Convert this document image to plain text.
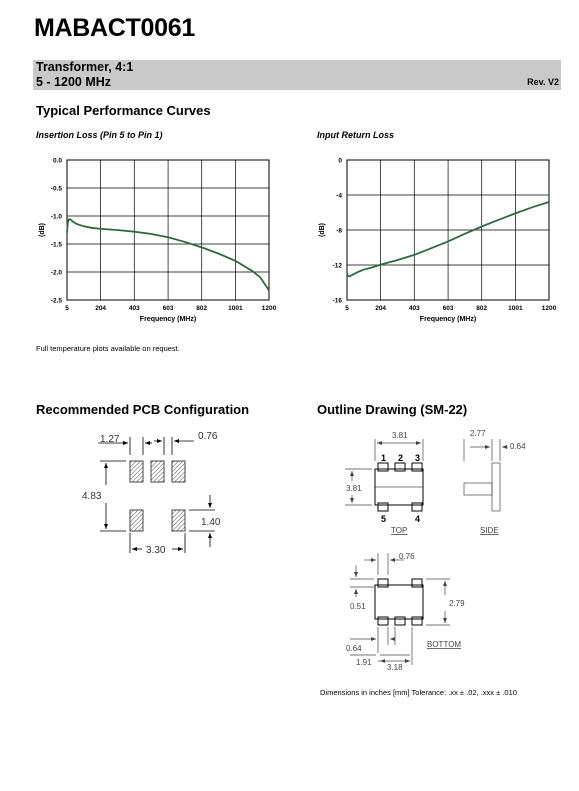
MABACT0061
Transformer, 4:1
5 - 1200 MHz	Rev. V2
Typical Performance Curves
Insertion Loss (Pin 5 to Pin 1)	Input Return Loss
5	204	403	603	802	1001	1200
0.0
-0.5
-1.0
-1.5
-2.0
-2.5
Frequency (MHz)
(dB)
5	204	403	603	802	1001	1200
0
-4
-8
-12
-16
Frequency (MHz)
(dB)
Full temperature plots available on request.
Recommended PCB Configuration	Outline Drawing (SM-22)
1.27	0.76
4.83
1.40
3.30
3.81
3.81
2.77
0.64
1 2 3
5	4
TOP	SIDE
0.76
2.79
0.51
0.64
1.91
3.18
BOTTOM
Dimensions in inches [mm] Tolerance: .xx ± .02, .xxx ± .010
